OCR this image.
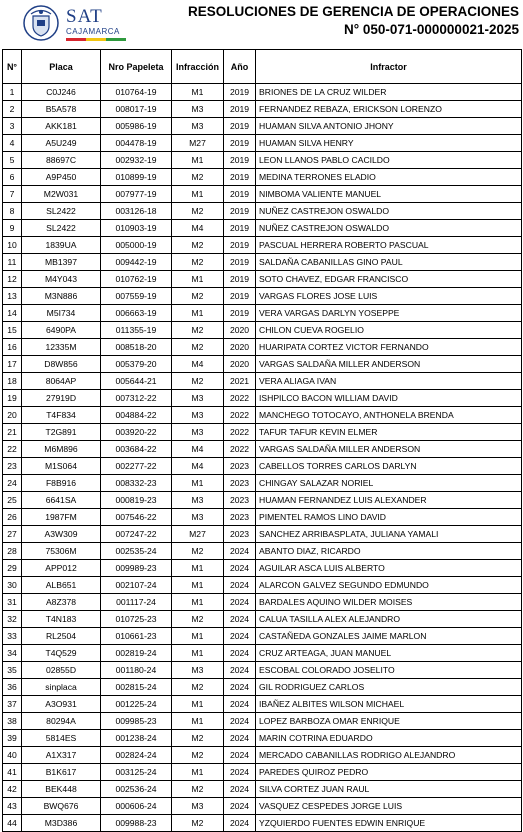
SAT
CAJAMARCA
RESOLUCIONES DE GERENCIA DE OPERACIONES
N° 050-071-000000021-2025
N°	Placa	Nro Papeleta	Infracción	Año	Infractor
1	C0J246	010764-19	M1	2019	BRIONES DE LA CRUZ WILDER
2	B5A578	008017-19	M3	2019	FERNANDEZ REBAZA, ERICKSON LORENZO
3	AKK181	005986-19	M3	2019	HUAMAN SILVA ANTONIO JHONY
4	A5U249	004478-19	M27	2019	HUAMAN SILVA HENRY
5	88697C	002932-19	M1	2019	LEON LLANOS PABLO CACILDO
6	A9P450	010899-19	M2	2019	MEDINA TERRONES ELADIO
7	M2W031	007977-19	M1	2019	NIMBOMA VALIENTE MANUEL
8	SL2422	003126-18	M2	2019	NUÑEZ CASTREJON OSWALDO
9	SL2422	010903-19	M4	2019	NUÑEZ CASTREJON OSWALDO
10	1839UA	005000-19	M2	2019	PASCUAL HERRERA ROBERTO PASCUAL
11	MB1397	009442-19	M2	2019	SALDAÑA CABANILLAS GINO PAUL
12	M4Y043	010762-19	M1	2019	SOTO CHAVEZ, EDGAR FRANCISCO
13	M3N886	007559-19	M2	2019	VARGAS FLORES JOSE LUIS
14	M5I734	006663-19	M1	2019	VERA VARGAS DARLYN YOSEPPE
15	6490PA	011355-19	M2	2020	CHILON CUEVA ROGELIO
16	12335M	008518-20	M2	2020	HUARIPATA CORTEZ VICTOR FERNANDO
17	D8W856	005379-20	M4	2020	VARGAS SALDAÑA MILLER ANDERSON
18	8064AP	005644-21	M2	2021	VERA ALIAGA IVAN
19	27919D	007312-22	M3	2022	ISHPILCO BACON WILLIAM DAVID
20	T4F834	004884-22	M3	2022	MANCHEGO TOTOCAYO, ANTHONELA BRENDA
21	T2G891	003920-22	M3	2022	TAFUR TAFUR KEVIN ELMER
22	M6M896	003684-22	M4	2022	VARGAS SALDAÑA MILLER ANDERSON
23	M1S064	002277-22	M4	2023	CABELLOS TORRES CARLOS DARLYN
24	F8B916	008332-23	M1	2023	CHINGAY SALAZAR NORIEL
25	6641SA	000819-23	M3	2023	HUAMAN FERNANDEZ LUIS ALEXANDER
26	1987FM	007546-22	M3	2023	PIMENTEL RAMOS LINO DAVID
27	A3W309	007247-22	M27	2023	SANCHEZ ARRIBASPLATA, JULIANA YAMALI
28	75306M	002535-24	M2	2024	ABANTO DIAZ, RICARDO
29	APP012	009989-23	M1	2024	AGUILAR ASCA LUIS ALBERTO
30	ALB651	002107-24	M1	2024	ALARCON GALVEZ SEGUNDO EDMUNDO
31	A8Z378	001117-24	M1	2024	BARDALES AQUINO WILDER MOISES
32	T4N183	010725-23	M2	2024	CALUA TASILLA ALEX ALEJANDRO
33	RL2504	010661-23	M1	2024	CASTAÑEDA GONZALES JAIME MARLON
34	T4Q529	002819-24	M1	2024	CRUZ ARTEAGA, JUAN MANUEL
35	02855D	001180-24	M3	2024	ESCOBAL COLORADO JOSELITO
36	sinplaca	002815-24	M2	2024	GIL RODRIGUEZ CARLOS
37	A3O931	001225-24	M1	2024	IBAÑEZ ALBITES WILSON MICHAEL
38	80294A	009985-23	M1	2024	LOPEZ BARBOZA OMAR ENRIQUE
39	5814ES	001238-24	M2	2024	MARIN COTRINA EDUARDO
40	A1X317	002824-24	M2	2024	MERCADO CABANILLAS RODRIGO ALEJANDRO
41	B1K617	003125-24	M1	2024	PAREDES QUIROZ PEDRO
42	BEK448	002536-24	M2	2024	SILVA CORTEZ JUAN RAUL
43	BWQ676	000606-24	M3	2024	VASQUEZ CESPEDES JORGE LUIS
44	M3D386	009988-23	M2	2024	YZQUIERDO FUENTES EDWIN ENRIQUE
